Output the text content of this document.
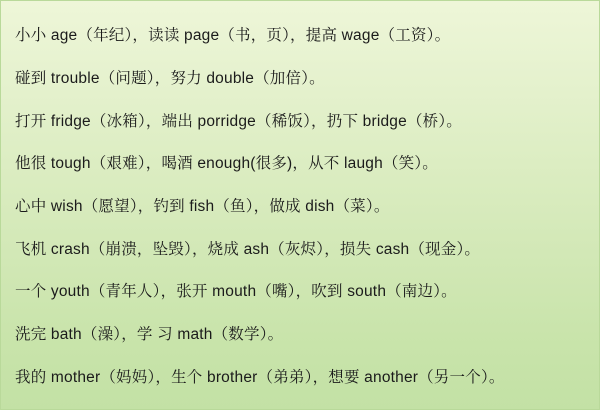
小小 age（年纪），读读 page（书，页），提高 wage（工资）。
碰到 trouble（问题），努力 double（加倍）。
打开 fridge（冰箱），端出 porridge（稀饭），扔下 bridge（桥）。
他很 tough（艰难），喝酒 enough(很多)，从不 laugh（笑）。
心中 wish（愿望），钓到 fish（鱼），做成 dish（菜）。
飞机 crash（崩溃，坠毁），烧成 ash（灰烬），损失 cash（现金）。
一个 youth（青年人），张开 mouth（嘴），吹到 south（南边）。
洗完 bath（澡），学 习 math（数学）。
我的 mother（妈妈），生个 brother（弟弟），想要 another（另一个）。
